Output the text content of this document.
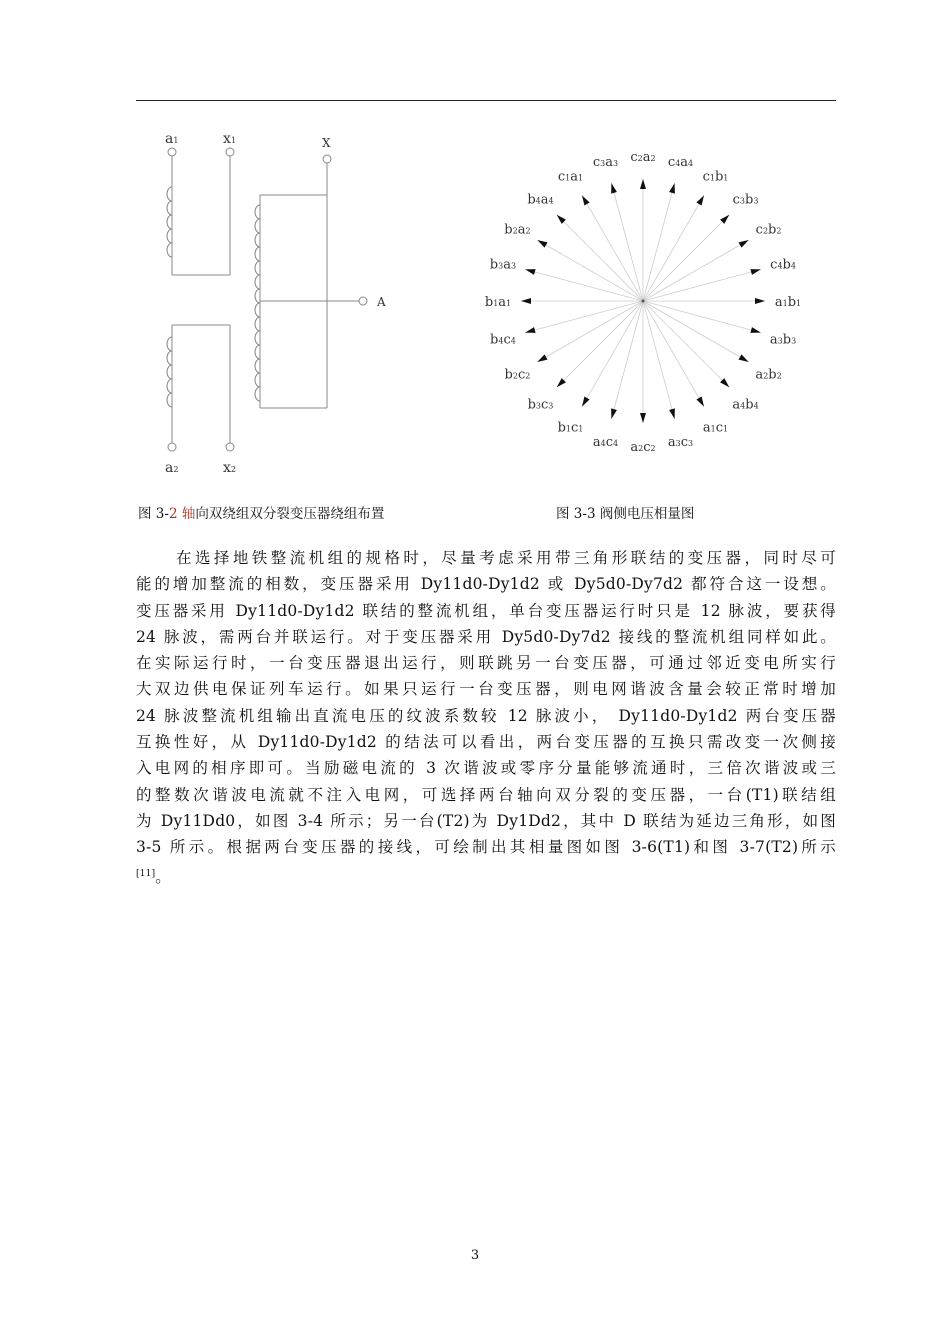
a1	x1	X
A
a2	x2
a1b1
a3b3
a2b2
a4b4
a1c1
a3c3
a2c2
a4c4
b1c1
b3c3
b2c2
b4c4
b1a1
b3a3
b2a2
b4a4
c1a1
c3a3 c2a2 c4a4
c1b1
c3b3
c2b2
c4b4
图 3-2 轴向双绕组双分裂变压器绕组布置	图 3-3 阀侧电压相量图
在选择地铁整流机组的规格时，尽量考虑采用带三角形联结的变压器，同时尽可
能的增加整流的相数，变压器采用 Dy11d0-Dy1d2 或 Dy5d0-Dy7d2 都符合这一设想。
变压器采用 Dy11d0-Dy1d2 联结的整流机组，单台变压器运行时只是 12 脉波，要获得
24 脉波，需两台并联运行。对于变压器采用 Dy5d0-Dy7d2 接线的整流机组同样如此。
在实际运行时，一台变压器退出运行，则联跳另一台变压器，可通过邻近变电所实行
大双边供电保证列车运行。如果只运行一台变压器，则电网谐波含量会较正常时增加
24 脉波整流机组输出直流电压的纹波系数较 12 脉波小， Dy11d0-Dy1d2 两台变压器
互换性好，从 Dy11d0-Dy1d2 的结法可以看出，两台变压器的互换只需改变一次侧接
入电网的相序即可。当励磁电流的 3 次谐波或零序分量能够流通时，三倍次谐波或三
的整数次谐波电流就不注入电网，可选择两台轴向双分裂的变压器，一台(T1)联结组
为 Dy11Dd0，如图 3-4 所示；另一台(T2)为 Dy1Dd2，其中 D 联结为延边三角形，如图
3-5 所示。根据两台变压器的接线，可绘制出其相量图如图 3-6(T1)和图 3-7(T2)所示
[11]。
3
